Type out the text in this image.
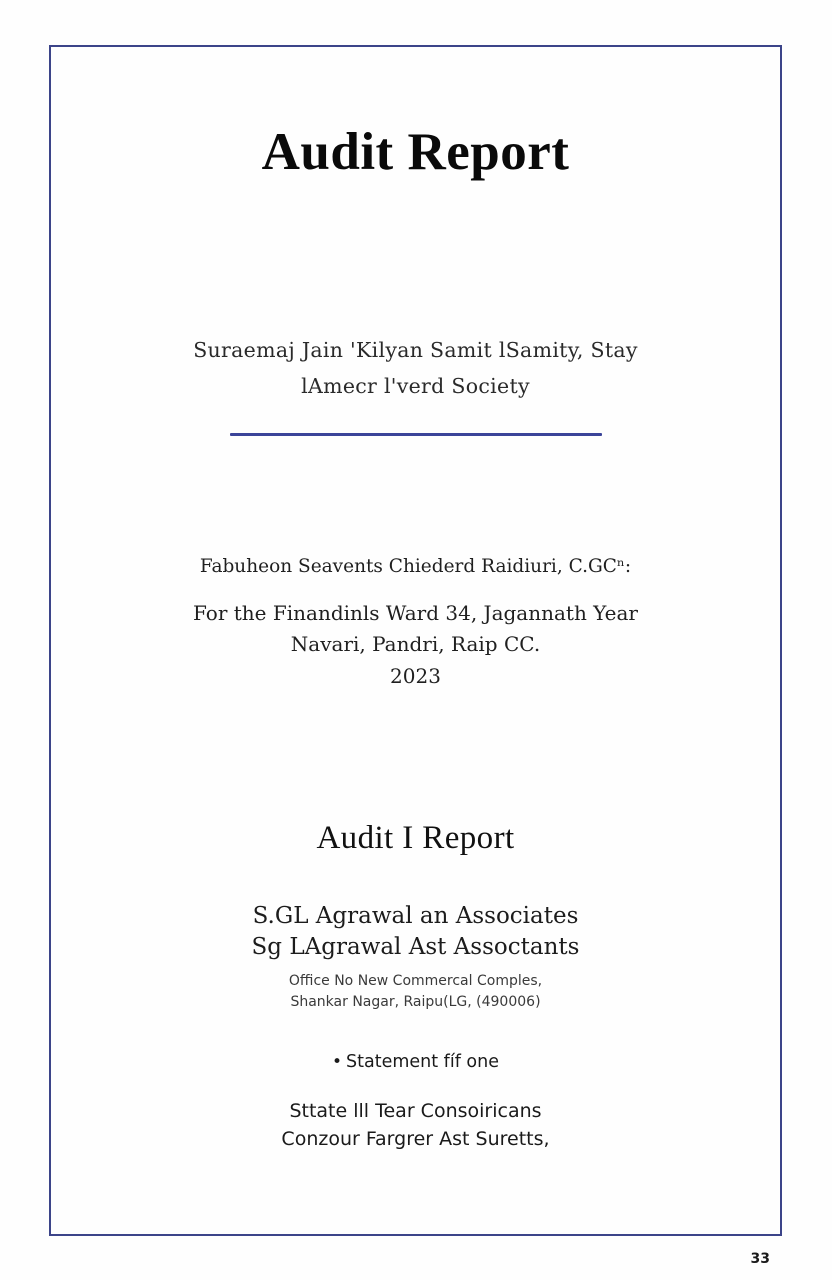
Audit Report

Suraemaj Jain 'Kilyan Samit lSamity, Stay

lAmecr l'verd Society

Fabuheon Seavents Chiederd Raidiuri, C.GCⁿ:

For the Finandinls Ward 34, Jagannath Year

Navari, Pandri, Raip CC.

2023

Audit I Report

S.GL Agrawal an Associates

Sg LAgrawal Ast Assoctants

Office No New Commercal Comples,

Shankar Nagar, Raipu(LG, (490006)

• Statement fíf one

Sttate lll Tear Consoiricans

Conzour Fargrer Ast Suretts,

33
